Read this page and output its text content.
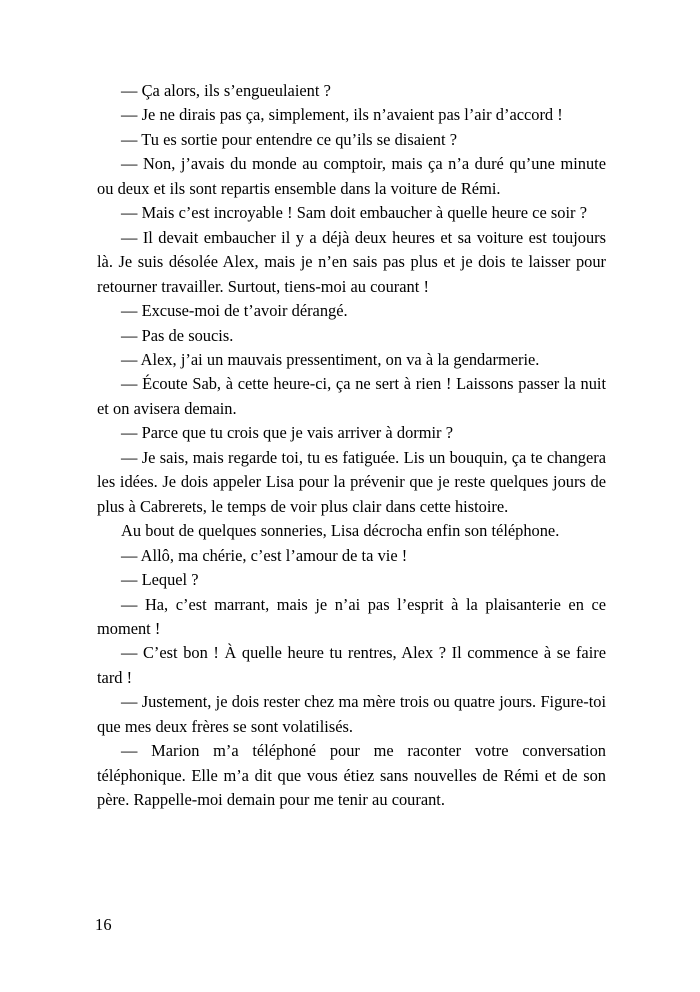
— Ça alors, ils s’engueulaient ?

— Je ne dirais pas ça, simplement, ils n’avaient pas l’air d’accord !

— Tu es sortie pour entendre ce qu’ils se disaient ?

— Non, j’avais du monde au comptoir, mais ça n’a duré qu’une minute ou deux et ils sont repartis ensemble dans la voiture de Rémi.

— Mais c’est incroyable ! Sam doit embaucher à quelle heure ce soir ?

— Il devait embaucher il y a déjà deux heures et sa voiture est toujours là. Je suis désolée Alex, mais je n’en sais pas plus et je dois te laisser pour retourner travailler. Surtout, tiens-moi au courant !

— Excuse-moi de t’avoir dérangé.

— Pas de soucis.

— Alex, j’ai un mauvais pressentiment, on va à la gendarmerie.

— Écoute Sab, à cette heure-ci, ça ne sert à rien ! Laissons passer la nuit et on avisera demain.

— Parce que tu crois que je vais arriver à dormir ?

— Je sais, mais regarde toi, tu es fatiguée. Lis un bouquin, ça te changera les idées. Je dois appeler Lisa pour la prévenir que je reste quelques jours de plus à Cabrerets, le temps de voir plus clair dans cette histoire.

Au bout de quelques sonneries, Lisa décrocha enfin son téléphone.

— Allô, ma chérie, c’est l’amour de ta vie !

— Lequel ?

— Ha, c’est marrant, mais je n’ai pas l’esprit à la plaisanterie en ce moment !

— C’est bon ! À quelle heure tu rentres, Alex ? Il commence à se faire tard !

— Justement, je dois rester chez ma mère trois ou quatre jours. Figure-toi que mes deux frères se sont volatilisés.

— Marion m’a téléphoné pour me raconter votre conversation téléphonique. Elle m’a dit que vous étiez sans nouvelles de Rémi et de son père. Rappelle-moi demain pour me tenir au courant.

16
